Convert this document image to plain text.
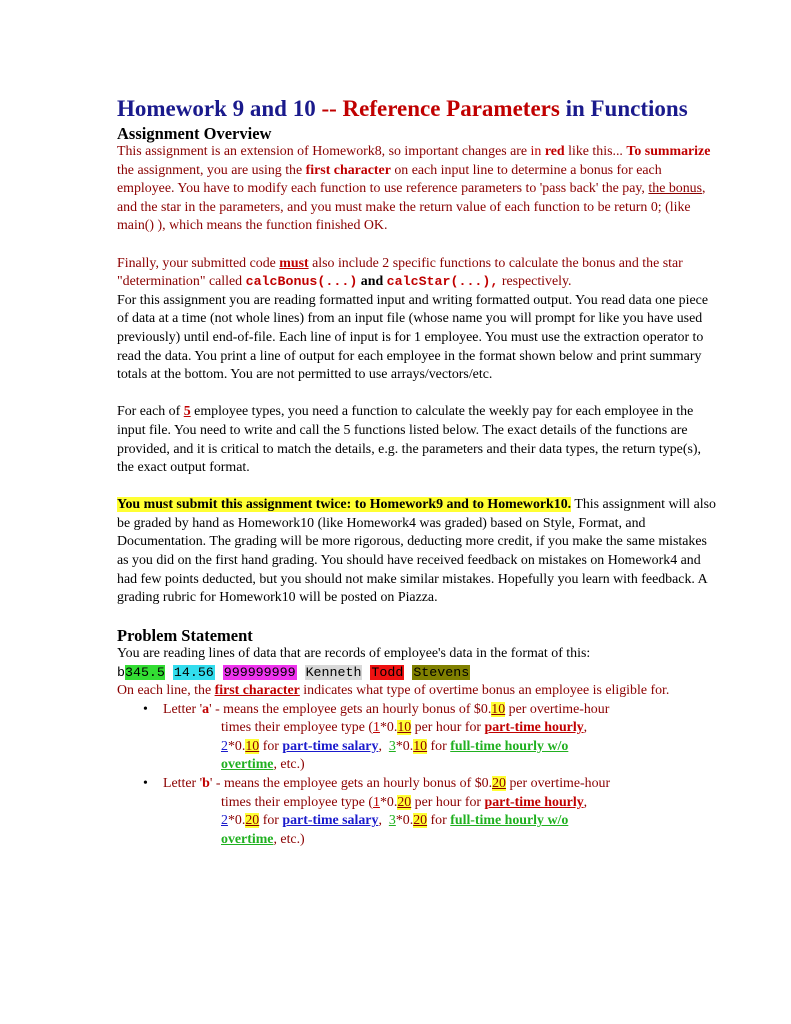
Homework 9 and 10 -- Reference Parameters in Functions
Assignment Overview

This assignment is an extension of Homework8, so important changes are in red like this... To summarize the assignment, you are using the first character on each input line to determine a bonus for each employee. You have to modify each function to use reference parameters to 'pass back' the pay, the bonus, and the star in the parameters, and you must make the return value of each function to be return 0; (like main() ), which means the function finished OK.

Finally, your submitted code must also include 2 specific functions to calculate the bonus and the star "determination" called calcBonus(...) and calcStar(...), respectively.

For this assignment you are reading formatted input and writing formatted output. You read data one piece of data at a time (not whole lines) from an input file (whose name you will prompt for like you have used previously) until end-of-file. Each line of input is for 1 employee. You must use the extraction operator to read the data. You print a line of output for each employee in the format shown below and print summary totals at the bottom. You are not permitted to use arrays/vectors/etc.

For each of 5 employee types, you need a function to calculate the weekly pay for each employee in the input file. You need to write and call the 5 functions listed below. The exact details of the functions are provided, and it is critical to match the details, e.g. the parameters and their data types, the return type(s), the exact output format.

You must submit this assignment twice: to Homework9 and to Homework10. This assignment will also be graded by hand as Homework10 (like Homework4 was graded) based on Style, Format, and Documentation. The grading will be more rigorous, deducting more credit, if you make the same mistakes as you did on the first hand grading. You should have received feedback on mistakes on Homework4 and had few points deducted, but you should not make similar mistakes. Hopefully you learn with feedback. A grading rubric for Homework10 will be posted on Piazza.

Problem Statement

You are reading lines of data that are records of employee's data in the format of this:

b345.5 14.56 999999999 Kenneth Todd Stevens

On each line, the first character indicates what type of overtime bonus an employee is eligible for.

• Letter 'a' - means the employee gets an hourly bonus of $0.10 per overtime-hour
times their employee type (1*0.10 per hour for part-time hourly,
2*0.10 for part-time salary,  3*0.10 for full-time hourly w/o
overtime, etc.)
• Letter 'b' - means the employee gets an hourly bonus of $0.20 per overtime-hour
times their employee type (1*0.20 per hour for part-time hourly,
2*0.20 for part-time salary,  3*0.20 for full-time hourly w/o
overtime, etc.)
